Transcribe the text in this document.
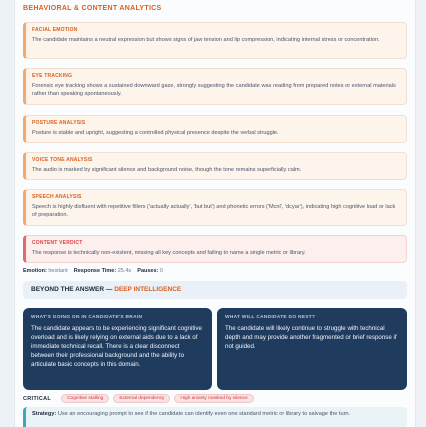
BEHAVIORAL & CONTENT ANALYTICS
FACIAL EMOTION
The candidate maintains a neutral expression but shows signs of jaw tension and lip compression, indicating internal stress or concentration.
EYE TRACKING
Forensic eye tracking shows a sustained downward gaze, strongly suggesting the candidate was reading from prepared notes or external materials rather than speaking spontaneously.
POSTURE ANALYSIS
Posture is stable and upright, suggesting a controlled physical presence despite the verbal struggle.
VOICE TONE ANALYSIS
The audio is marked by significant silence and background noise, though the tone remains superficially calm.
SPEECH ANALYSIS
Speech is highly disfluent with repetitive fillers ('actually actually', 'but but') and phonetic errors ('Mcnl', 'dcyar'), indicating high cognitive load or lack of preparation.
CONTENT VERDICT
The response is technically non-existent, missing all key concepts and failing to name a single metric or library.
Emotion: hesitant Response Time: 25.4s Pauses: 0
BEYOND THE ANSWER — DEEP INTELLIGENCE
WHAT'S GOING ON IN CANDIDATE'S BRAIN
The candidate appears to be experiencing significant cognitive overload and is likely relying on external aids due to a lack of immediate technical recall. There is a clear disconnect between their professional background and the ability to articulate basic concepts in this domain.
WHAT WILL CANDIDATE DO NEXT?
The candidate will likely continue to struggle with technical depth and may provide another fragmented or brief response if not guided.
CRITICAL	Cognitive stalling	External dependency	High anxiety masked by silence
Strategy: Use an encouraging prompt to see if the candidate can identify even one standard metric or library to salvage the turn.
